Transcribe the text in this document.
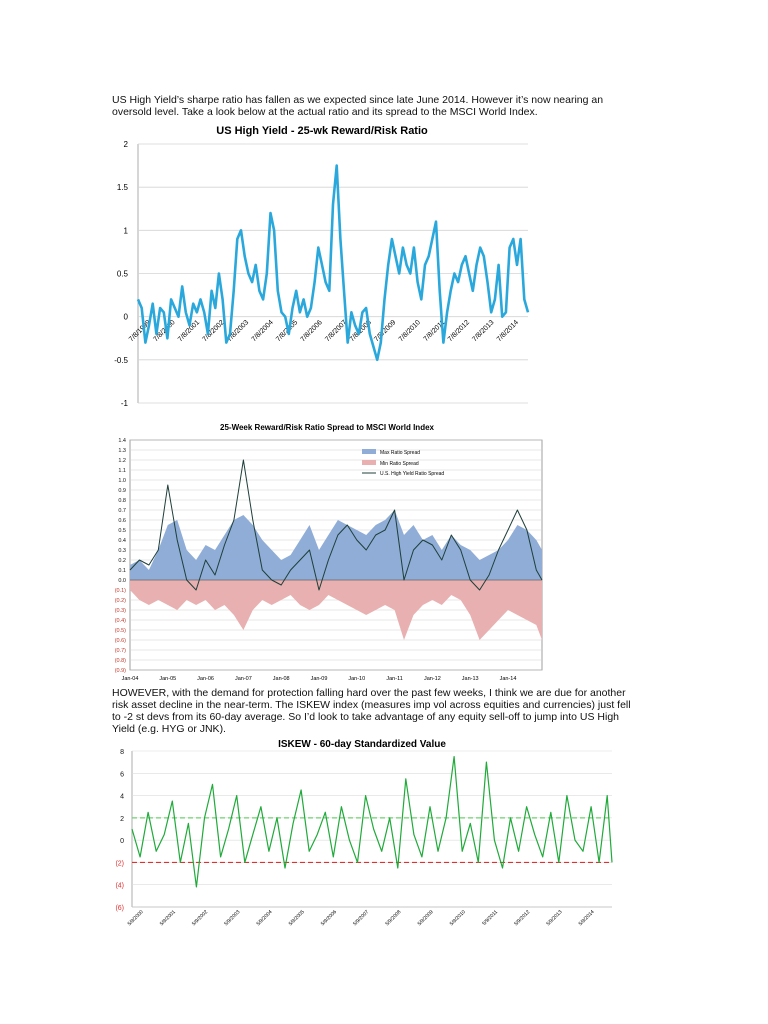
US High Yield’s sharpe ratio has fallen as we expected since late June 2014. However it’s now nearing an oversold level. Take a look below at the actual ratio and its spread to the MSCI World Index.

US High Yield - 25-wk Reward/Risk Ratio
-1
-0.5
0
0.5
1
1.5
2
7/8/1999 7/8/2000 7/8/2001 7/8/2002 7/8/2003 7/8/2004 7/8/2005 7/8/2006 7/8/2007 7/8/2008 7/8/2009 7/8/2010 7/8/2011 7/8/2012 7/8/2013 7/8/2014
25-Week Reward/Risk Ratio Spread to MSCI World Index
(0.9)
(0.8)
(0.7)
(0.6)
(0.5)
(0.4)
(0.3)
(0.2)
(0.1)
0.0
0.1
0.2
0.3
0.4
0.5
0.6
0.7
0.8
0.9
1.0
1.1
1.2
1.3
1.4
Jan-04	Jan-05	Jan-06	Jan-07	Jan-08	Jan-09	Jan-10	Jan-11	Jan-12	Jan-13	Jan-14
Max Ratio Spread
Min Ratio Spread
U.S. High Yield Ratio Spread

HOWEVER, with the demand for protection falling hard over the past few weeks, I think we are due for another risk asset decline in the near-term. The ISKEW index (measures imp vol across equities and currencies) just fell to -2 st devs from its 60-day average. So I’d look to take advantage of any equity sell-off to jump into US High Yield (e.g. HYG or JNK).

ISKEW - 60-day Standardized Value
(6)
(4)
(2)
0
2
4
6
8
5/9/2000	5/9/2001	5/9/2002	5/9/2003	5/9/2004	5/9/2005	5/9/2006	5/9/2007	5/9/2008	5/9/2009	5/9/2010	5/9/2011	5/9/2012	5/9/2013	5/9/2014
